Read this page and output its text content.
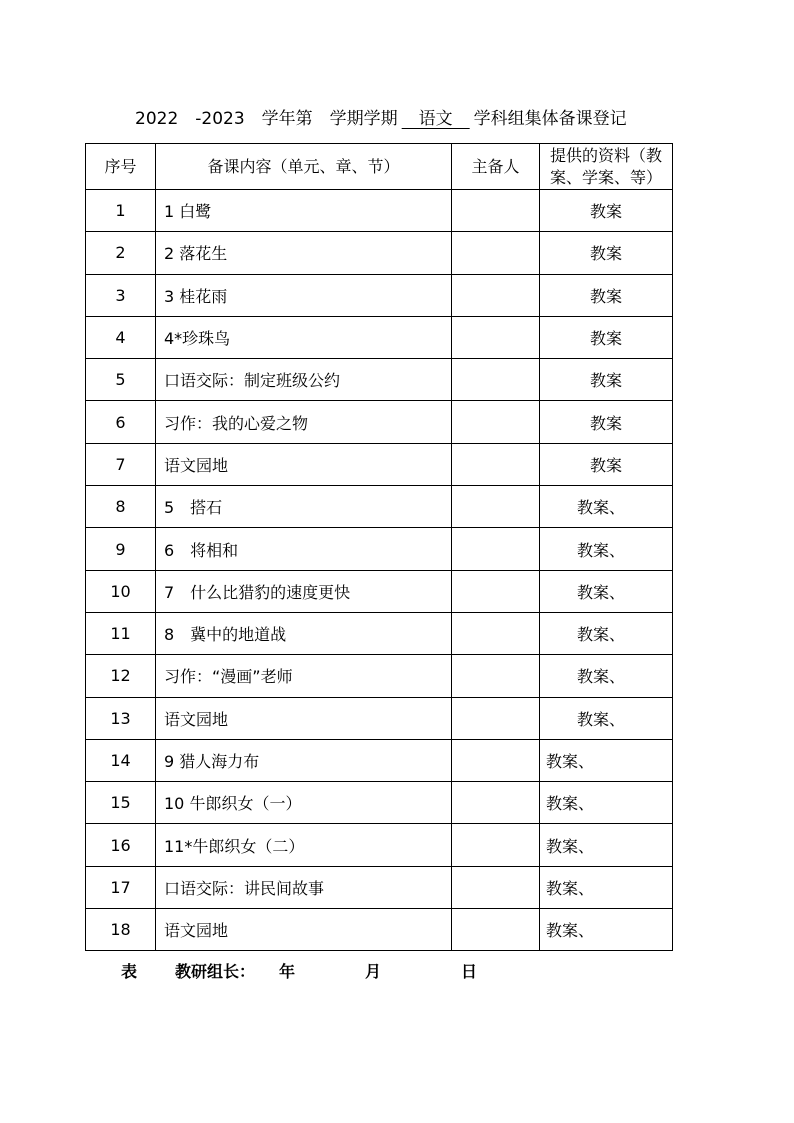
2022　-2023　学年第　学期学期　语文　学科组集体备课登记
序号	备课内容（单元、章、节）	主备人	提供的资料（教案、学案、等）
1	1 白鹭		教案
2	2 落花生		教案
3	3 桂花雨		教案
4	4*珍珠鸟		教案
5	口语交际：制定班级公约		教案
6	习作：我的心爱之物		教案
7	语文园地		教案
8	5　搭石		教案、
9	6　将相和		教案、
10	7　什么比猎豹的速度更快		教案、
11	8　冀中的地道战		教案、
12	习作：“漫画”老师		教案、
13	语文园地		教案、
14	9 猎人海力布		教案、
15	10 牛郎织女（一）		教案、
16	11*牛郎织女（二）		教案、
17	口语交际：讲民间故事		教案、
18	语文园地		教案、
表 教研组长： 年	月	日
